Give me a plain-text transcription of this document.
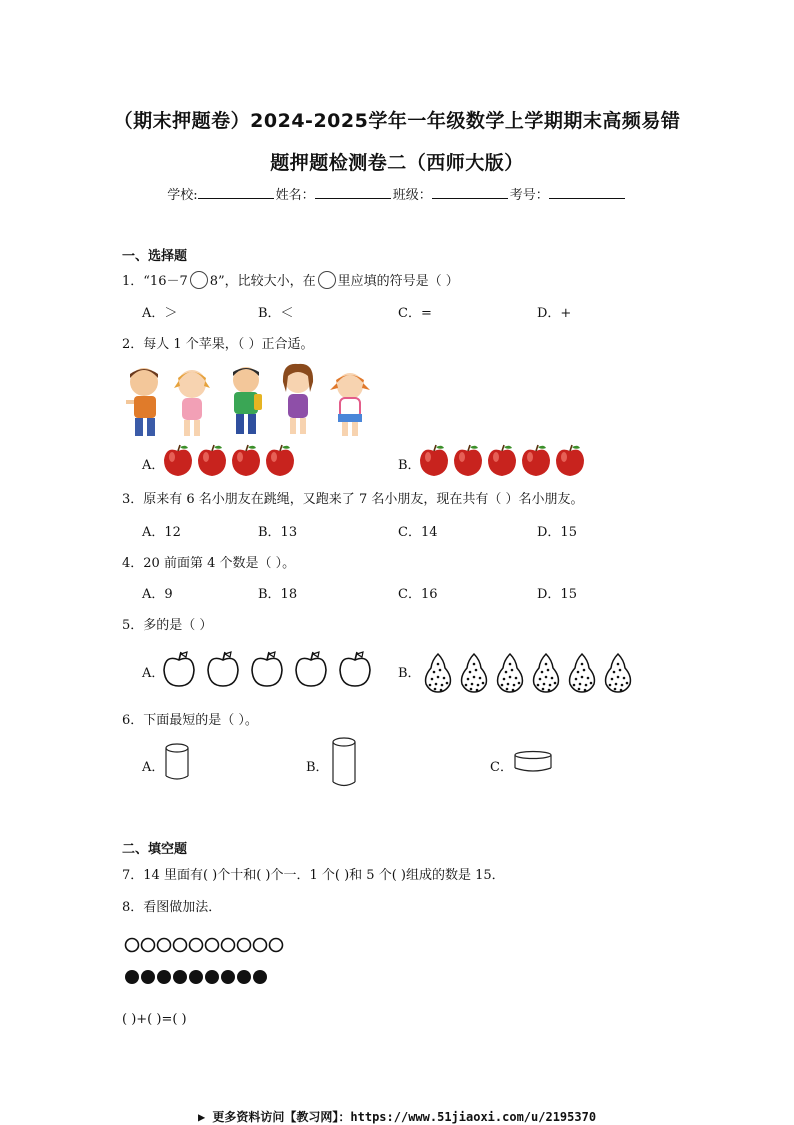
（期末押题卷）2024-2025学年一年级数学上学期期末高频易错
题押题检测卷二（西师大版）
学校:	姓名：	班级：	考号：
一、选择题
1．“16－7 8”，比较大小，在 里应填的符号是（ ）
A．＞	B．＜	C．=	D．+
2．每人 1 个苹果，（ ）正合适。
A．	B．
3．原来有 6 名小朋友在跳绳，又跑来了 7 名小朋友，现在共有（ ）名小朋友。
A．12	B．13	C．14	D．15
4．20 前面第 4 个数是（ ）。
A．9	B．18	C．16	D．15
5．多的是（ ）
A．	B．
6．下面最短的是（ ）。
A．	B．	C．
二、填空题
7．14 里面有( )个十和( )个一．1 个( )和 5 个( )组成的数是 15．
8．看图做加法．
( )+( )=( )
▶ 更多资料访问【教习网】：https://www.51jiaoxi.com/u/2195370
